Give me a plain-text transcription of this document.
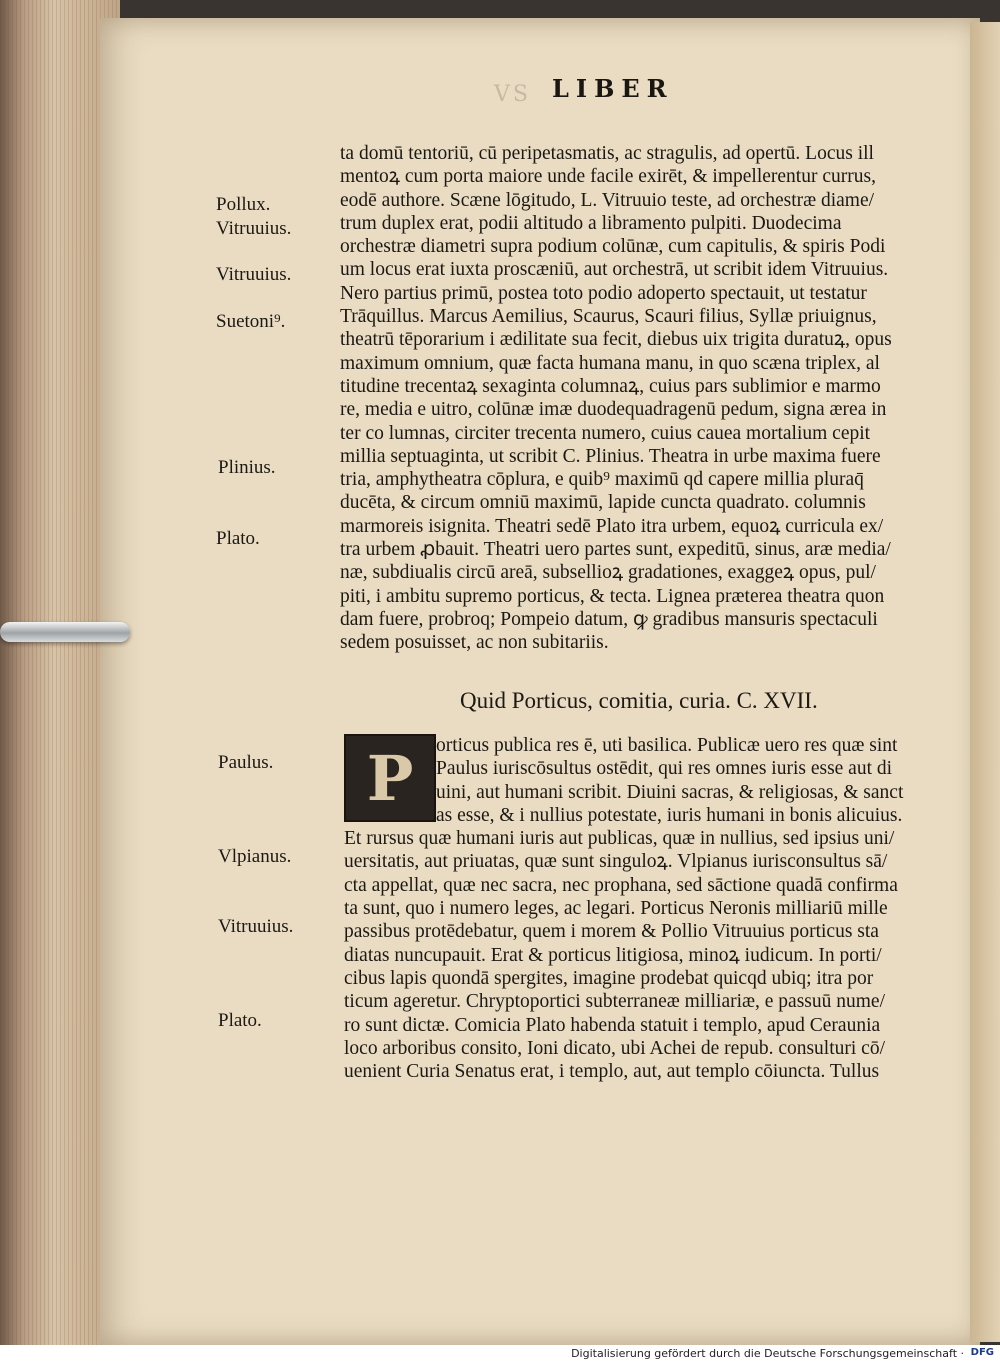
VS LIBER
Pollux.
Vitruuius.
Vitruuius.
Suetoni⁹.
Plinius.
Plato.
Paulus.
Vlpianus.
Vitruuius.
Plato.
ta domū tentoriū, cū peripetasmatis, ac stragulis, ad opertū. Locus ill
mentoꝝ cum porta maiore unde facile exirēt, & impellerentur currus,
eodē authore. Scæne lōgitudo, L. Vitruuio teste, ad orchestræ diame/
trum duplex erat, podii altitudo a libramento pulpiti. Duodecima
orchestræ diametri supra podium colūnæ, cum capitulis, & spiris Podi
um locus erat iuxta proscæniū, aut orchestrā, ut scribit idem Vitruuius.
Nero partius primū, postea toto podio adoperto spectauit, ut testatur
Trāquillus. Marcus Aemilius, Scaurus, Scauri filius, Syllæ priuignus,
theatrū tēporarium i ædilitate sua fecit, diebus uix trigita duratuꝝ, opus
maximum omnium, quæ facta humana manu, in quo scæna triplex, al
titudine trecentaꝝ sexaginta columnaꝝ, cuius pars sublimior e marmo
re, media e uitro, colūnæ imæ duodequadragenū pedum, signa ærea in
ter co lumnas, circiter trecenta numero, cuius cauea mortalium cepit
millia septuaginta, ut scribit C. Plinius. Theatra in urbe maxima fuere
tria, amphytheatra cōplura, e quib⁹ maximū qd capere millia pluraq̄
ducēta, & circum omniū maximū, lapide cuncta quadrato. columnis
marmoreis isignita. Theatri sedē Plato itra urbem, equoꝝ curricula ex/
tra urbem ꝓbauit. Theatri uero partes sunt, expeditū, sinus, aræ media/
næ, subdiualis circū areā, subsellioꝝ gradationes, exaggeꝝ opus, pul/
piti, i ambitu supremo porticus, & tecta. Lignea præterea theatra quon
dam fuere, probroq; Pompeio datum, ꝙ gradibus mansuris spectaculi
sedem posuisset, ac non subitariis.
Quid Porticus, comitia, curia. C. XVII.
P	orticus publica res ē, uti basilica. Publicæ uero res quæ sint
Paulus iuriscōsultus ostēdit, qui res omnes iuris esse aut di
uini, aut humani scribit. Diuini sacras, & religiosas, & sanct
as esse, & i nullius potestate, iuris humani in bonis alicuius.
Et rursus quæ humani iuris aut publicas, quæ in nullius, sed ipsius uni/
uersitatis, aut priuatas, quæ sunt singuloꝝ. Vlpianus iurisconsultus sā/
cta appellat, quæ nec sacra, nec prophana, sed sāctione quadā confirma
ta sunt, quo i numero leges, ac legari. Porticus Neronis milliariū mille
passibus protēdebatur, quem i morem & Pollio Vitruuius porticus sta
diatas nuncupauit. Erat & porticus litigiosa, minoꝝ iudicum. In porti/
cibus lapis quondā spergites, imagine prodebat quicqd ubiq; itra por
ticum ageretur. Chryptoportici subterraneæ milliariæ, e passuū nume/
ro sunt dictæ. Comicia Plato habenda statuit i templo, apud Ceraunia
loco arboribus consito, Ioni dicato, ubi Achei de repub. consulturi cō/
uenient Curia Senatus erat, i templo, aut, aut templo cōiuncta. Tullus
Digitalisierung gefördert durch die Deutsche Forschungsgemeinschaft · DFG
